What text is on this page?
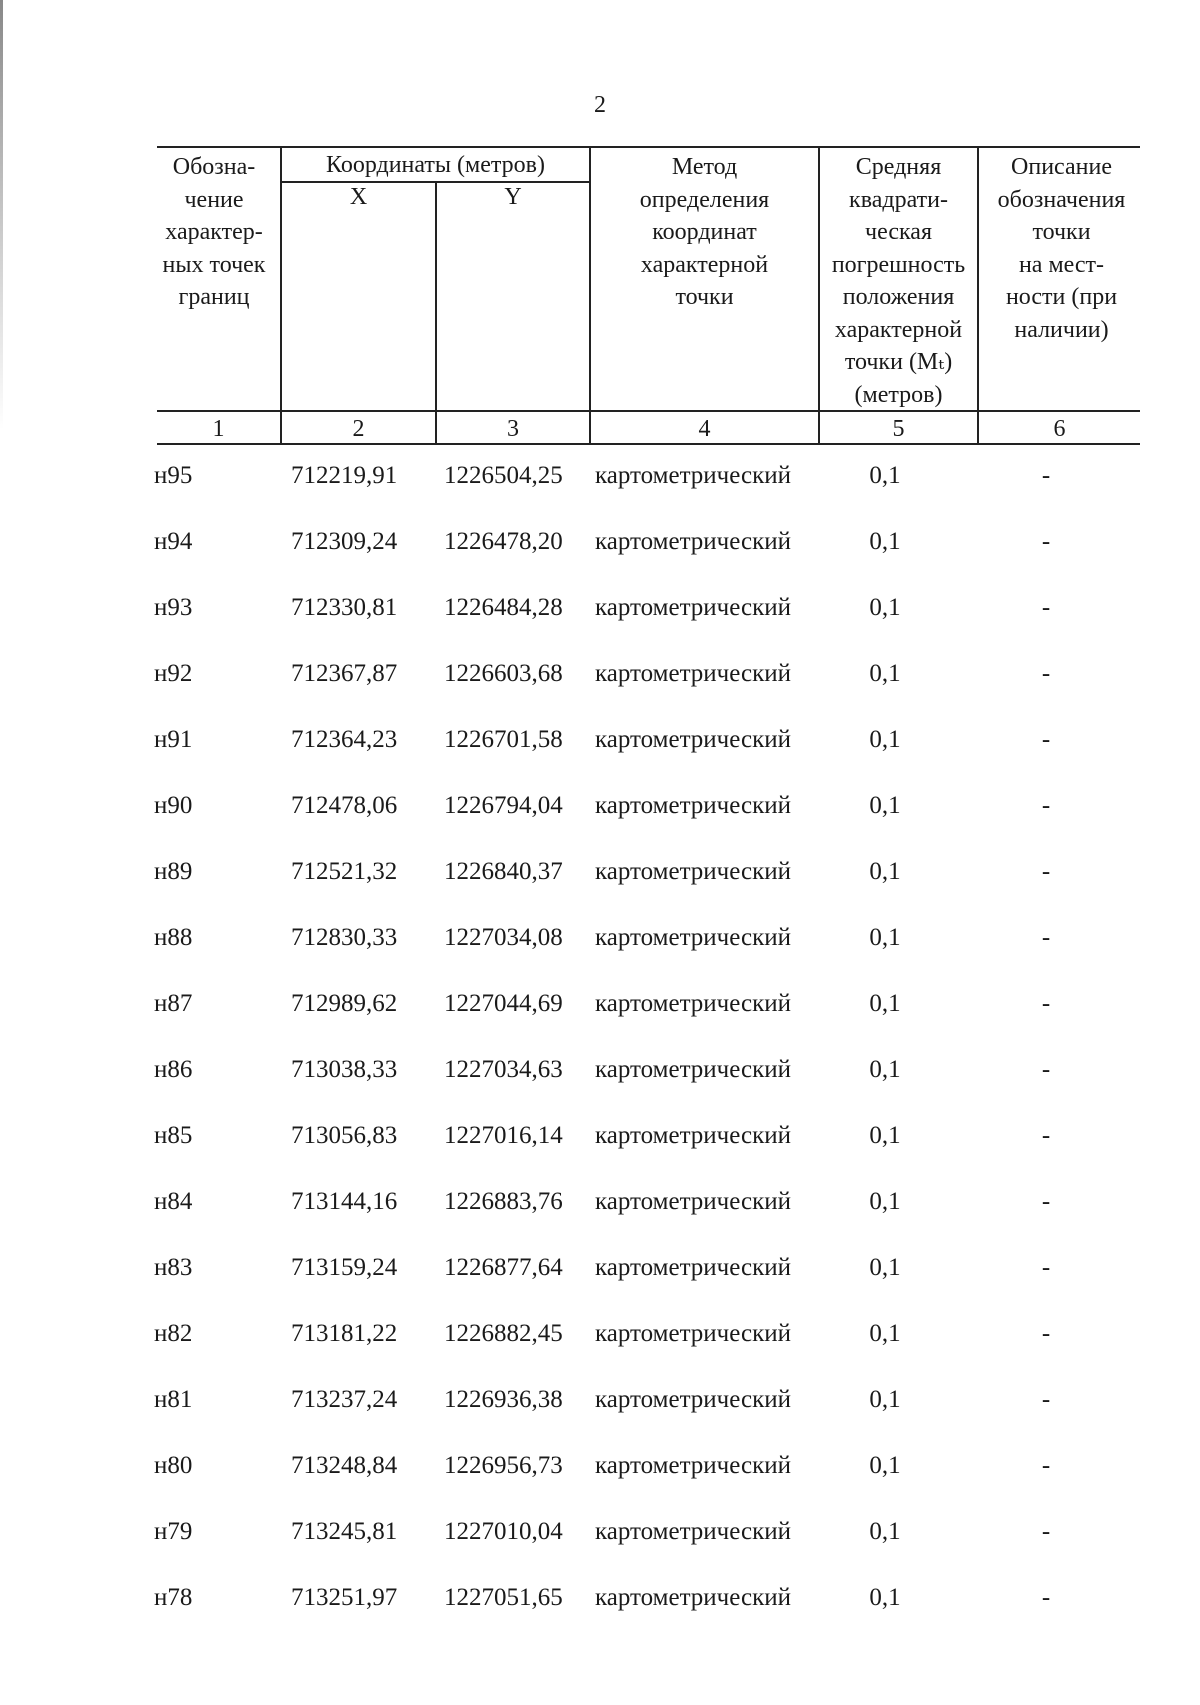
2
Обозна-
чение
характер-
ных точек
границ
Координаты (метров)
X	Y
Метод
определения
координат
характерной
точки
Средняя
квадрати-
ческая
погрешность
положения
характерной
точки (Mₜ)
(метров)
Описание
обозначения
точки
на мест-
ности (при
наличии)
1	2	3	4	5	6
н95	712219,91 1226504,25 картометрический	0,1	-
н94	712309,24 1226478,20 картометрический	0,1	-
н93	712330,81 1226484,28 картометрический	0,1	-
н92	712367,87 1226603,68 картометрический	0,1	-
н91	712364,23 1226701,58 картометрический	0,1	-
н90	712478,06 1226794,04 картометрический	0,1	-
н89	712521,32 1226840,37 картометрический	0,1	-
н88	712830,33 1227034,08 картометрический	0,1	-
н87	712989,62 1227044,69 картометрический	0,1	-
н86	713038,33 1227034,63 картометрический	0,1	-
н85	713056,83 1227016,14 картометрический	0,1	-
н84	713144,16 1226883,76 картометрический	0,1	-
н83	713159,24 1226877,64 картометрический	0,1	-
н82	713181,22 1226882,45 картометрический	0,1	-
н81	713237,24 1226936,38 картометрический	0,1	-
н80	713248,84 1226956,73 картометрический	0,1	-
н79	713245,81 1227010,04 картометрический	0,1	-
н78	713251,97 1227051,65 картометрический	0,1	-
